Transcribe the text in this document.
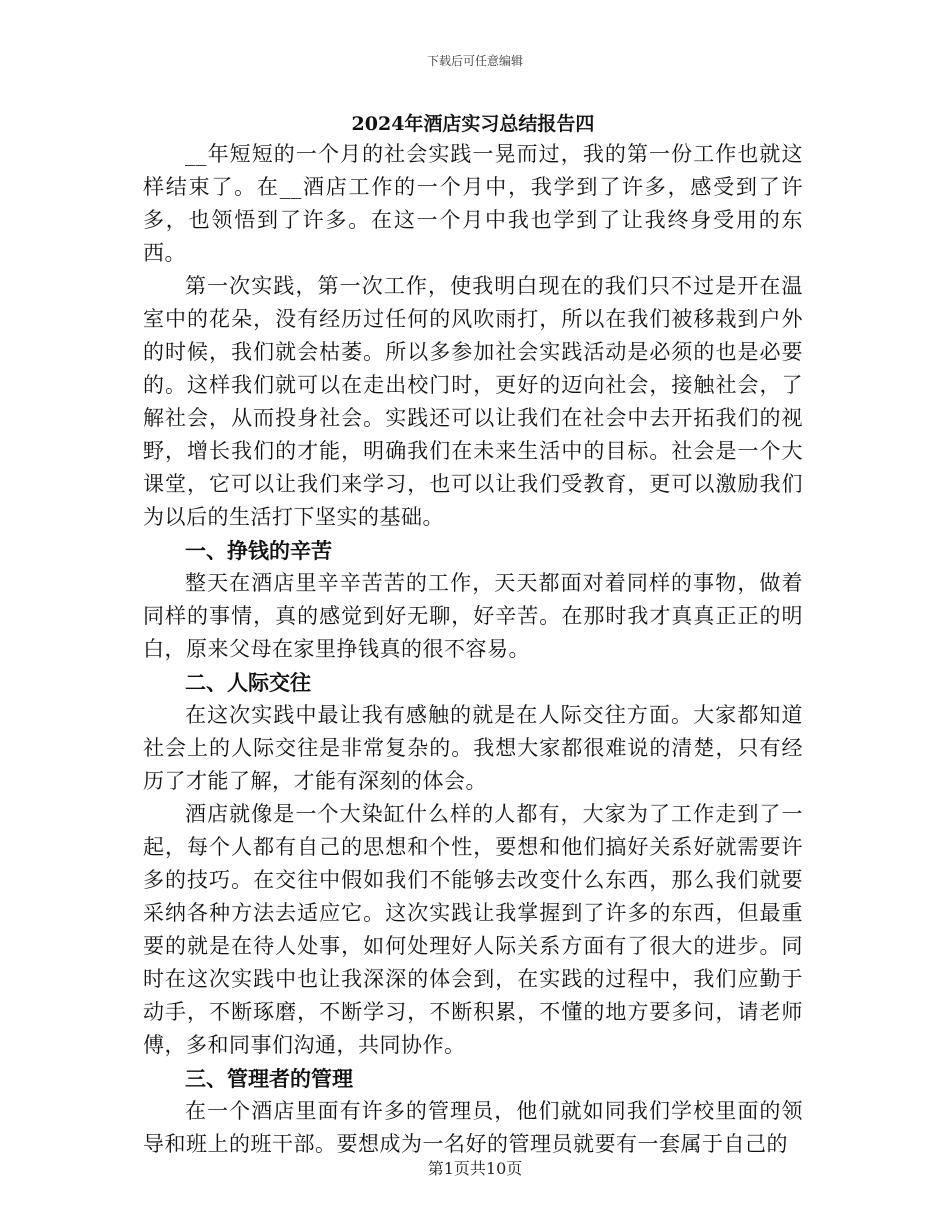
下载后可任意编辑
2024年酒店实习总结报告四

__年短短的一个月的社会实践一晃而过，我的第一份工作也就这样结束了。在__酒店工作的一个月中，我学到了许多，感受到了许多，也领悟到了许多。在这一个月中我也学到了让我终身受用的东西。

第一次实践，第一次工作，使我明白现在的我们只不过是开在温室中的花朵，没有经历过任何的风吹雨打，所以在我们被移栽到户外的时候，我们就会枯萎。所以多参加社会实践活动是必须的也是必要的。这样我们就可以在走出校门时，更好的迈向社会，接触社会，了解社会，从而投身社会。实践还可以让我们在社会中去开拓我们的视野，增长我们的才能，明确我们在未来生活中的目标。社会是一个大课堂，它可以让我们来学习，也可以让我们受教育，更可以激励我们为以后的生活打下坚实的基础。

一、挣钱的辛苦

整天在酒店里辛辛苦苦的工作，天天都面对着同样的事物，做着同样的事情，真的感觉到好无聊，好辛苦。在那时我才真真正正的明白，原来父母在家里挣钱真的很不容易。

二、人际交往

在这次实践中最让我有感触的就是在人际交往方面。大家都知道社会上的人际交往是非常复杂的。我想大家都很难说的清楚，只有经历了才能了解，才能有深刻的体会。

酒店就像是一个大染缸什么样的人都有，大家为了工作走到了一起，每个人都有自己的思想和个性，要想和他们搞好关系好就需要许多的技巧。在交往中假如我们不能够去改变什么东西，那么我们就要采纳各种方法去适应它。这次实践让我掌握到了许多的东西，但最重要的就是在待人处事，如何处理好人际关系方面有了很大的进步。同时在这次实践中也让我深深的体会到，在实践的过程中，我们应勤于动手，不断琢磨，不断学习，不断积累，不懂的地方要多问，请老师傅，多和同事们沟通，共同协作。

三、管理者的管理

在一个酒店里面有许多的管理员，他们就如同我们学校里面的领导和班上的班干部。要想成为一名好的管理员就要有一套属于自己的

第1页共10页
